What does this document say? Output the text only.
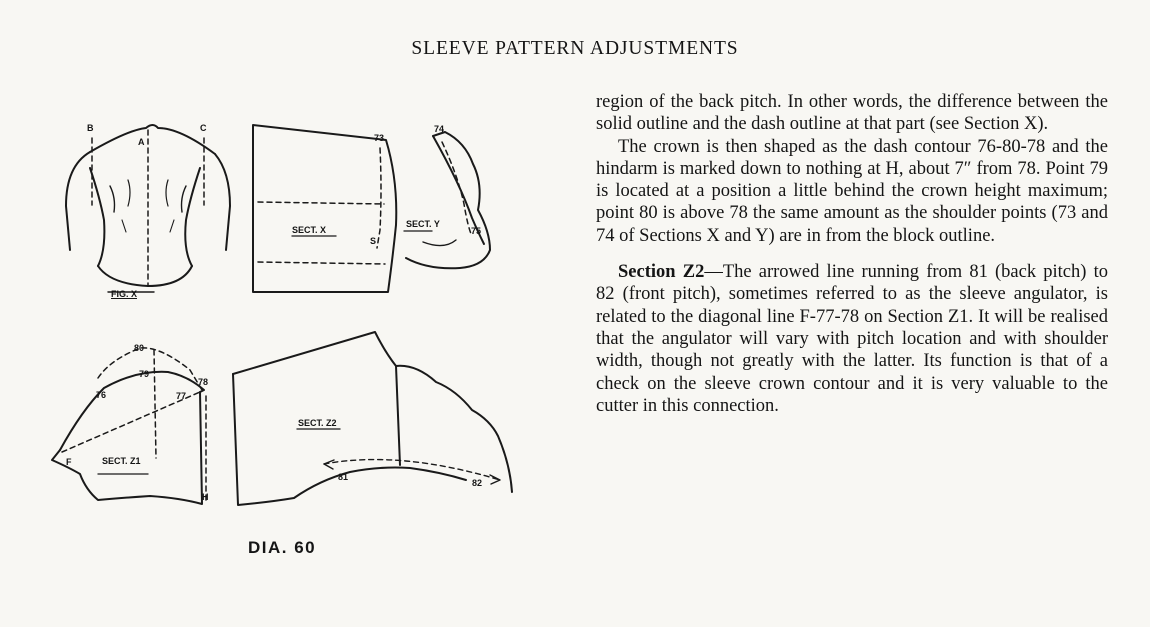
SLEEVE PATTERN ADJUSTMENTS
B
A
C
FIG. X
73
SECT. X
S
74
SECT. Y
75
80
79
78
76	77
F	SECT. Z1
H
SECT. Z2
81
82
DIA. 60

region of the back pitch. In other words, the difference between the solid outline and the dash outline at that part (see Section X).

The crown is then shaped as the dash contour 76-80-78 and the hindarm is marked down to nothing at H, about 7″ from 78. Point 79 is located at a position a little behind the crown height maximum; point 80 is above 78 the same amount as the shoulder points (73 and 74 of Sections X and Y) are in from the block outline.

Section Z2—The arrowed line running from 81 (back pitch) to 82 (front pitch), sometimes referred to as the sleeve angulator, is related to the diagonal line F-77-78 on Section Z1. It will be realised that the angulator will vary with pitch location and with shoulder width, though not greatly with the latter. Its function is that of a check on the sleeve crown contour and it is very valuable to the cutter in this connection.
